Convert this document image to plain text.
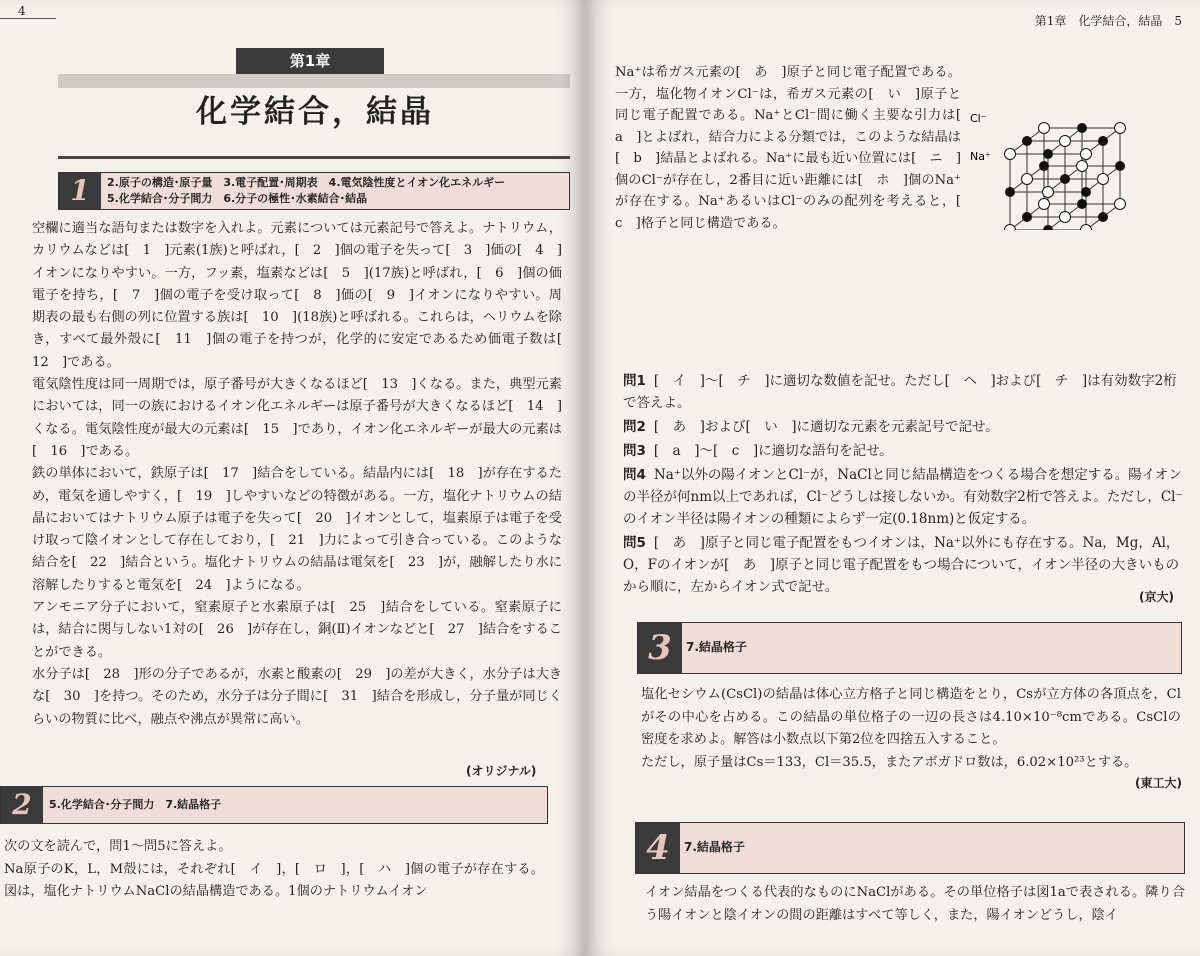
4
第1章
化学結合，結晶
1	2.原子の構造･原子量　3.電子配置･周期表　4.電気陰性度とイオン化エネルギー
5.化学結合･分子間力　6.分子の極性･水素結合･結晶
空欄に適当な語句または数字を入れよ。元素については元素記号で答えよ。ナトリウム，カリウムなどは[　1　]元素(1族)と呼ばれ，[　2　]個の電子を失って[　3　]価の[　4　]イオンになりやすい。一方，フッ素，塩素などは[　5　](17族)と呼ばれ，[　6　]個の価電子を持ち，[　7　]個の電子を受け取って[　8　]価の[　9　]イオンになりやすい。周期表の最も右側の列に位置する族は[　10　](18族)と呼ばれる。これらは，ヘリウムを除き，すべて最外殻に[　11　]個の電子を持つが，化学的に安定であるため価電子数は[　12　]である。
電気陰性度は同一周期では，原子番号が大きくなるほど[　13　]くなる。また，典型元素においては，同一の族におけるイオン化エネルギーは原子番号が大きくなるほど[　14　]くなる。電気陰性度が最大の元素は[　15　]であり，イオン化エネルギーが最大の元素は[　16　]である。
鉄の単体において，鉄原子は[　17　]結合をしている。結晶内には[　18　]が存在するため，電気を通しやすく，[　19　]しやすいなどの特徴がある。一方，塩化ナトリウムの結晶においてはナトリウム原子は電子を失って[　20　]イオンとして，塩素原子は電子を受け取って陰イオンとして存在しており，[　21　]力によって引き合っている。このような結合を[　22　]結合という。塩化ナトリウムの結晶は電気を[　23　]が，融解したり水に溶解したりすると電気を[　24　]ようになる。
アンモニア分子において，窒素原子と水素原子は[　25　]結合をしている。窒素原子には，結合に関与しない1対の[　26　]が存在し，銅(Ⅱ)イオンなどと[　27　]結合をすることができる。
水分子は[　28　]形の分子であるが，水素と酸素の[　29　]の差が大きく，水分子は大きな[　30　]を持つ。そのため，水分子は分子間に[　31　]結合を形成し，分子量が同じくらいの物質に比べ，融点や沸点が異常に高い。
(オリジナル)
2	5.化学結合･分子間力　7.結晶格子
次の文を読んで，問1～問5に答えよ。
Na原子のK，L，M殻には，それぞれ[　イ　]，[　ロ　]，[　ハ　]個の電子が存在する。図は，塩化ナトリウムNaClの結晶構造である。1個のナトリウムイオン
第1章　化学結合，結晶　5
Na⁺は希ガス元素の[　あ　]原子と同じ電子配置である。一方，塩化物イオンCl⁻は，希ガス元素の[　い　]原子と同じ電子配置である。Na⁺とCl⁻間に働く主要な引力は[　a　]とよばれ，結合力による分類では，このような結晶は[　b　]結晶とよばれる。Na⁺に最も近い位置には[　ニ　]個のCl⁻が存在し，2番目に近い距離には[　ホ　]個のNa⁺が存在する。Na⁺あるいはCl⁻のみの配列を考えると，[　c　]格子と同じ構造である。

問1 [　イ　]～[　チ　]に適切な数値を記せ。ただし[　ヘ　]および[　チ　]は有効数字2桁で答えよ。
問2 [　あ　]および[　い　]に適切な元素を元素記号で記せ。
問3 [　a　]～[　c　]に適切な語句を記せ。
問4 Na⁺以外の陽イオンとCl⁻が，NaClと同じ結晶構造をつくる場合を想定する。陽イオンの半径が何nm以上であれば，Cl⁻どうしは接しないか。有効数字2桁で答えよ。ただし，Cl⁻のイオン半径は陽イオンの種類によらず一定(0.18nm)と仮定する。
問5 [　あ　]原子と同じ電子配置をもつイオンは，Na⁺以外にも存在する。Na，Mg，Al，O，Fのイオンが[　あ　]原子と同じ電子配置をもつ場合について，イオン半径の大きいものから順に，左からイオン式で記せ。
(京大)
3	7.結晶格子
塩化セシウム(CsCl)の結晶は体心立方格子と同じ構造をとり，Csが立方体の各頂点を，Clがその中心を占める。この結晶の単位格子の一辺の長さは4.10×10⁻⁸cmである。CsClの密度を求めよ。解答は小数点以下第2位を四捨五入すること。
ただし，原子量はCs＝133，Cl＝35.5，またアボガドロ数は，6.02×10²³とする。
(東工大)
4	7.結晶格子
イオン結晶をつくる代表的なものにNaClがある。その単位格子は図1aで表される。隣り合う陽イオンと陰イオンの間の距離はすべて等しく，また，陽イオンどうし，陰イ
Cl⁻
Na⁺
